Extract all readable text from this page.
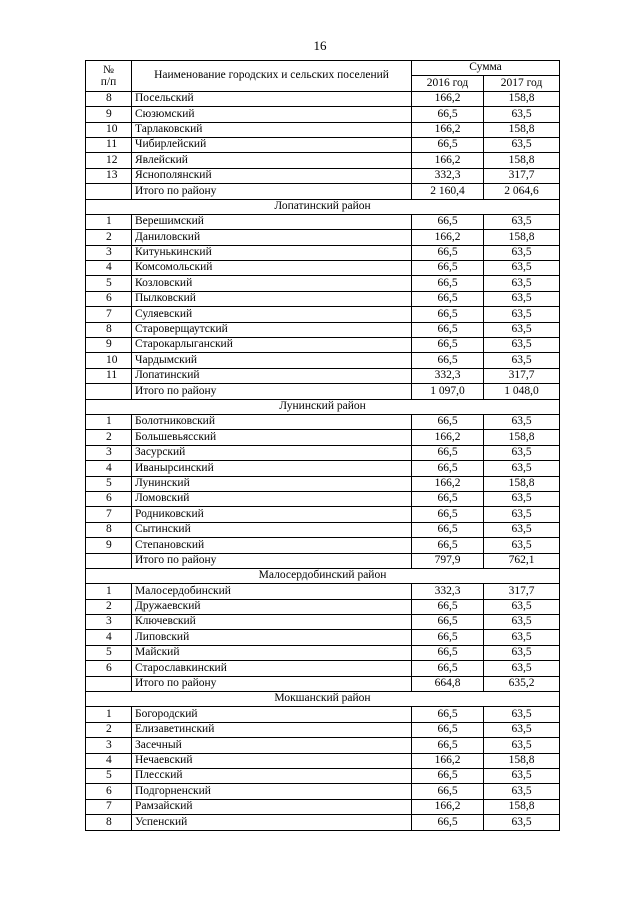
16
№
п/п	Наименование городских и сельских поселений	Сумма	
		2016 год	2017 год
8	Посельский	166,2	158,8
9	Сюзюмский	66,5	63,5
10	Тарлаковский	166,2	158,8
11	Чибирлейский	66,5	63,5
12	Явлейский	166,2	158,8
13	Яснополянский	332,3	317,7
	Итого по району	2 160,4	2 064,6
Лопатинский район			
1	Верешимский	66,5	63,5
2	Даниловский	166,2	158,8
3	Китунькинский	66,5	63,5
4	Комсомольский	66,5	63,5
5	Козловский	66,5	63,5
6	Пылковский	66,5	63,5
7	Суляевский	66,5	63,5
8	Староверщаутский	66,5	63,5
9	Старокарлыганский	66,5	63,5
10	Чардымский	66,5	63,5
11	Лопатинский	332,3	317,7
	Итого по району	1 097,0	1 048,0
Лунинский район			
1	Болотниковский	66,5	63,5
2	Большевьясский	166,2	158,8
3	Засурский	66,5	63,5
4	Иванырсинский	66,5	63,5
5	Лунинский	166,2	158,8
6	Ломовский	66,5	63,5
7	Родниковский	66,5	63,5
8	Сытинский	66,5	63,5
9	Степановский	66,5	63,5
	Итого по району	797,9	762,1
Малосердобинский район			
1	Малосердобинский	332,3	317,7
2	Дружаевский	66,5	63,5
3	Ключевский	66,5	63,5
4	Липовский	66,5	63,5
5	Майский	66,5	63,5
6	Старославкинский	66,5	63,5
	Итого по району	664,8	635,2
Мокшанский район			
1	Богородский	66,5	63,5
2	Елизаветинский	66,5	63,5
3	Засечный	66,5	63,5
4	Нечаевский	166,2	158,8
5	Плесский	66,5	63,5
6	Подгорненский	66,5	63,5
7	Рамзайский	166,2	158,8
8	Успенский	66,5	63,5
